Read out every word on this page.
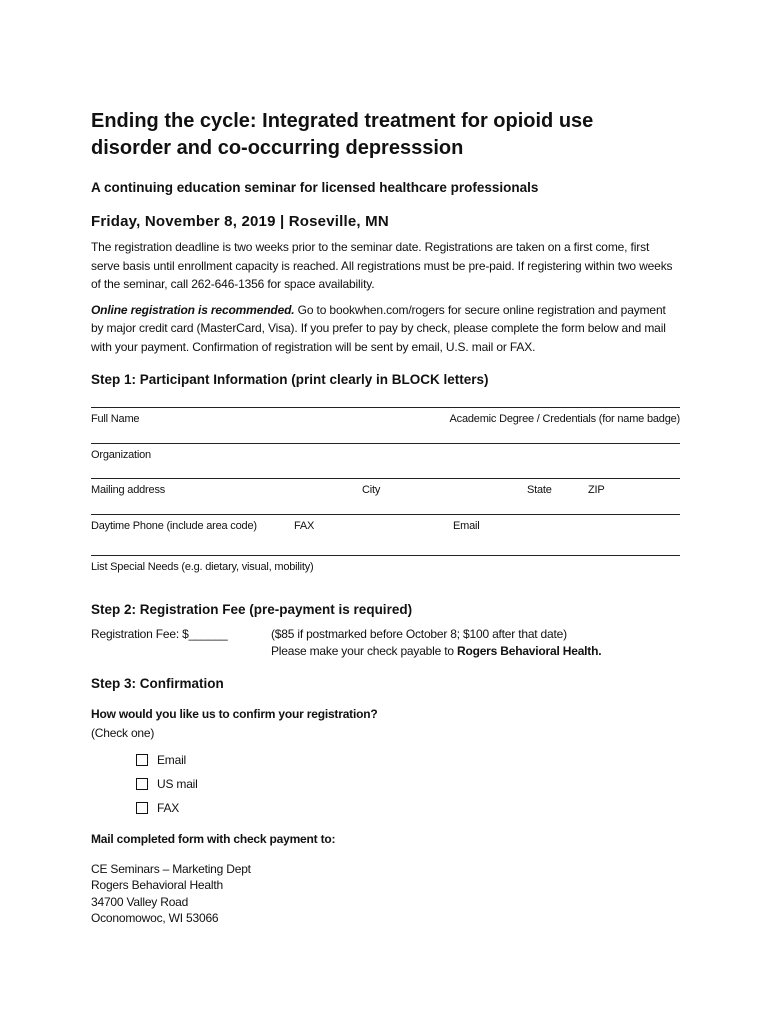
Ending the cycle: Integrated treatment for opioid use
disorder and co-occurring depresssion

A continuing education seminar for licensed healthcare professionals

Friday, November 8, 2019 | Roseville, MN

The registration deadline is two weeks prior to the seminar date. Registrations are taken on a first come, first serve basis until enrollment capacity is reached. All registrations must be pre-paid. If registering within two weeks of the seminar, call 262-646-1356 for space availability.

Online registration is recommended. Go to bookwhen.com/rogers for secure online registration and payment by major credit card (MasterCard, Visa). If you prefer to pay by check, please complete the form below and mail with your payment. Confirmation of registration will be sent by email, U.S. mail or FAX.

Step 1: Participant Information (print clearly in BLOCK letters)

Full Name	Academic Degree / Credentials (for name badge)
Organization
Mailing address	City	State	ZIP
Daytime Phone (include area code)	FAX	Email
List Special Needs (e.g. dietary, visual, mobility)

Step 2: Registration Fee (pre-payment is required)

Registration Fee: $______	($85 if postmarked before October 8; $100 after that date)
Please make your check payable to Rogers Behavioral Health.

Step 3: Confirmation

How would you like us to confirm your registration?

(Check one)

Email
US mail
FAX

Mail completed form with check payment to:

CE Seminars – Marketing Dept
Rogers Behavioral Health
34700 Valley Road
Oconomowoc, WI 53066
